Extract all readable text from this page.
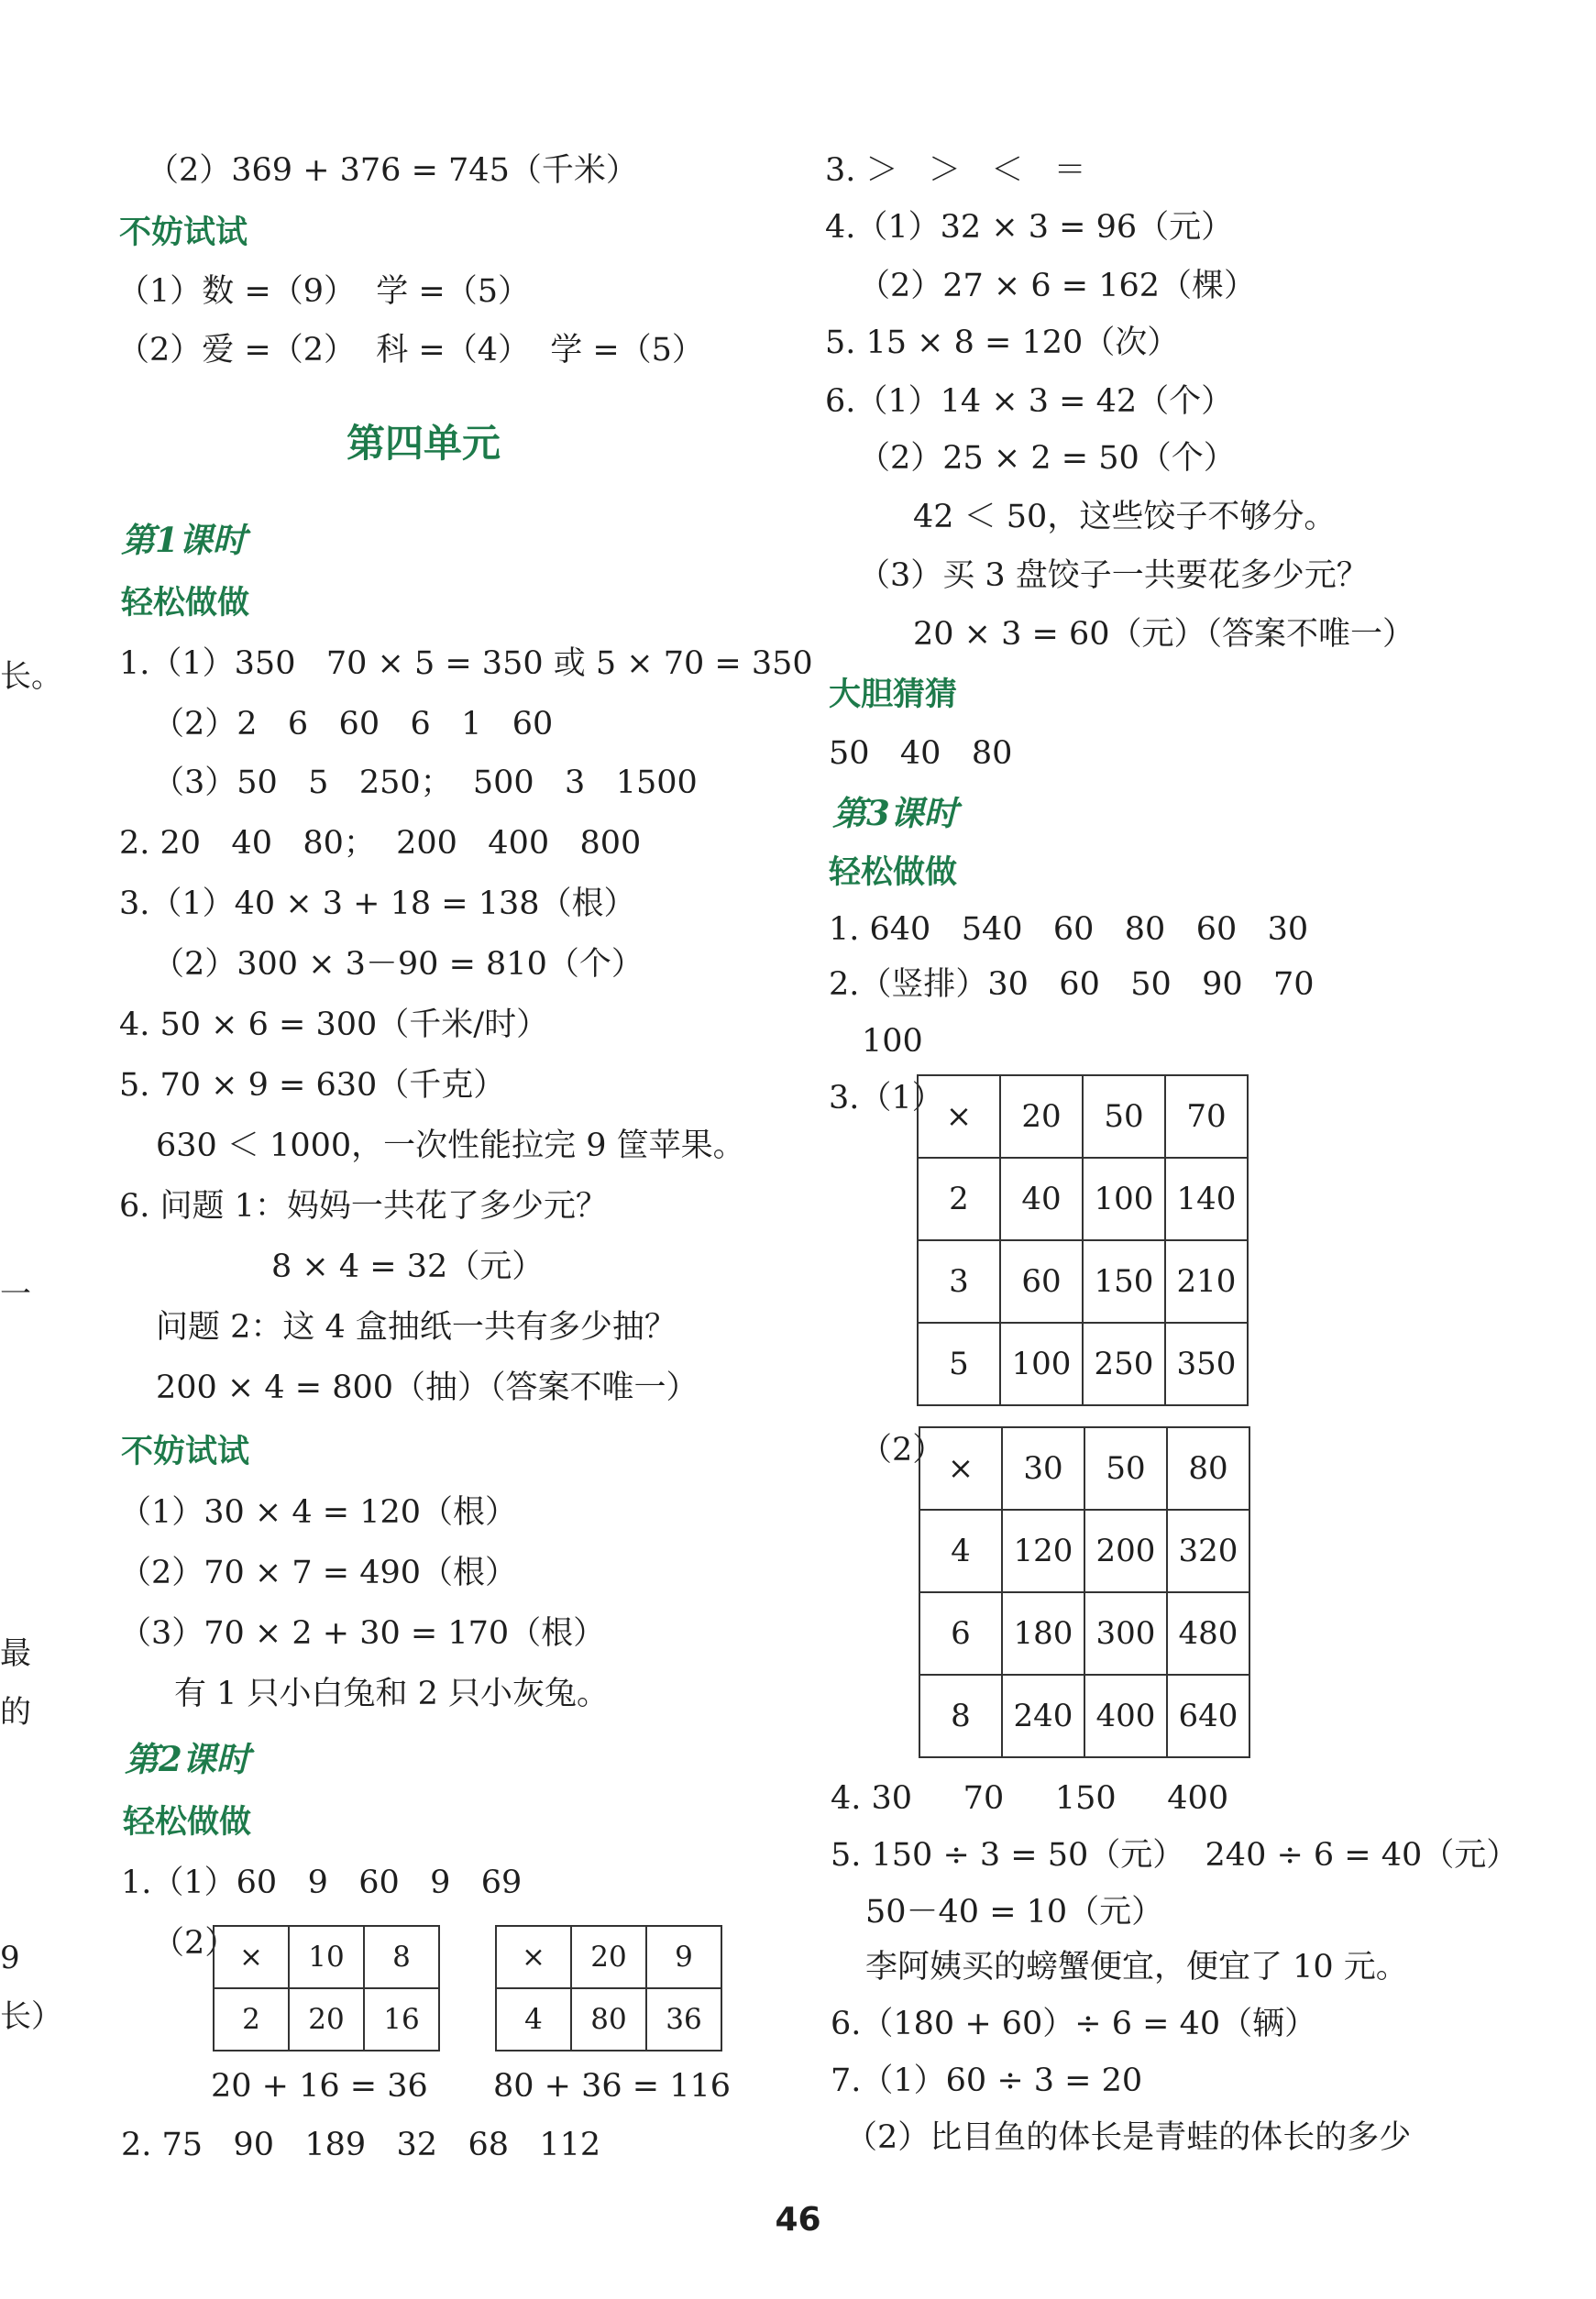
长。
一
最
的
9
长）
（2）369 + 376 = 745（千米）
不妨试试
（1）数 =（9）  学 =（5）
（2）爱 =（2）  科 =（4）  学 =（5）
第四单元
第1课时
轻松做做
1.（1）350   70 × 5 = 350 或 5 × 70 = 350
（2）2   6   60   6   1   60
（3）50   5   250；  500   3   1500
2. 20   40   80；  200   400   800
3.（1）40 × 3 + 18 = 138（根）
（2）300 × 3－90 = 810（个）
4. 50 × 6 = 300（千米/时）
5. 70 × 9 = 630（千克）
630 ＜ 1000，一次性能拉完 9 筐苹果。
6. 问题 1：妈妈一共花了多少元？
8 × 4 = 32（元）
问题 2：这 4 盒抽纸一共有多少抽？
200 × 4 = 800（抽）（答案不唯一）
不妨试试
（1）30 × 4 = 120（根）
（2）70 × 7 = 490（根）
（3）70 × 2 + 30 = 170（根）
有 1 只小白兔和 2 只小灰兔。
第2课时
轻松做做
1.（1）60   9   60   9   69
（2） ×	10	8
2	20	16
×	20	9
4	80	36
20 + 16 = 36 80 + 36 = 116
2. 75   90   189   32   68   112
3. ＞   ＞   ＜   ＝
4.（1）32 × 3 = 96（元）
（2）27 × 6 = 162（棵）
5. 15 × 8 = 120（次）
6.（1）14 × 3 = 42（个）
（2）25 × 2 = 50（个）
42 ＜ 50，这些饺子不够分。
（3）买 3 盘饺子一共要花多少元？
20 × 3 = 60（元）（答案不唯一）
大胆猜猜
50   40   80
第3课时
轻松做做
1. 640   540   60   80   60   30
2.（竖排）30   60   50   90   70
100
3.（1） ×	20	50	70
2	40	100	140
3	60	150	210
5	100	250	350
（2） ×	30	50	80
4	120	200	320
6	180	300	480
8	240	400	640
4. 30     70     150     400
5. 150 ÷ 3 = 50（元）  240 ÷ 6 = 40（元）
50－40 = 10（元）
李阿姨买的螃蟹便宜，便宜了 10 元。
6.（180 + 60）÷ 6 = 40（辆）
7.（1）60 ÷ 3 = 20
（2）比目鱼的体长是青蛙的体长的多少
46
